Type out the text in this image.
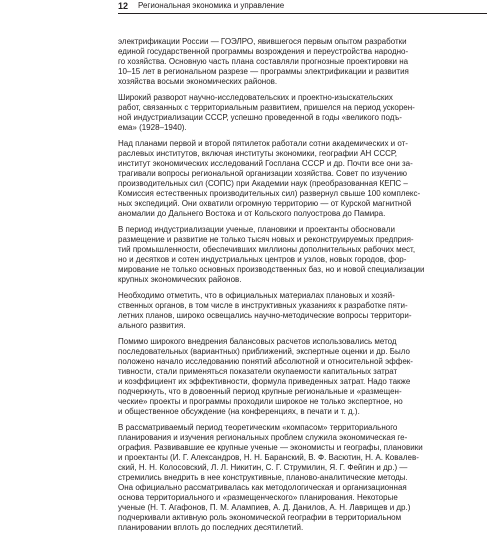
12 Региональная экономика и управление
электрификации России — ГОЭЛРО, явившегося первым опытом разработки
единой государственной программы возрождения и переустройства народно-
го хозяйства. Основную часть плана составляли прогнозные проектировки на
10–15 лет в региональном разрезе — программы электрификации и развития
хозяйства восьми экономических районов.
Широкий разворот научно-исследовательских и проектно-изыскательских
работ, связанных с территориальным развитием, пришелся на период ускорен-
ной индустриализации СССР, успешно проведенной в годы «великого подъ-
ема» (1928–1940).
Над планами первой и второй пятилеток работали сотни академических и от-
раслевых институтов, включая институты экономики, географии АН СССР,
институт экономических исследований Госплана СССР и др. Почти все они за-
трагивали вопросы региональной организации хозяйства. Совет по изучению
производительных сил (СОПС) при Академии наук (преобразованная КЕПС –
Комиссия естественных производительных сил) развернул свыше 100 комплекс-
ных экспедиций. Они охватили огромную территорию — от Курской магнитной
аномалии до Дальнего Востока и от Кольского полуострова до Памира.
В период индустриализации ученые, плановики и проектанты обосновали
размещение и развитие не только тысяч новых и реконструируемых предприя-
тий промышленности, обеспечивших миллионы дополнительных рабочих мест,
но и десятков и сотен индустриальных центров и узлов, новых городов, фор-
мирование не только основных производственных баз, но и новой специализации
крупных экономических районов.
Необходимо отметить, что в официальных материалах плановых и хозяй-
ственных органов, в том числе в инструктивных указаниях к разработке пяти-
летних планов, широко освещались научно-методические вопросы территори-
ального развития.
Помимо широкого внедрения балансовых расчетов использовались метод
последовательных (вариантных) приближений, экспертные оценки и др. Было
положено начало исследованию понятий абсолютной и относительной эффек-
тивности, стали применяться показатели окупаемости капитальных затрат
и коэффициент их эффективности, формула приведенных затрат. Надо также
подчеркнуть, что в довоенный период крупные региональные и «размещен-
ческие» проекты и программы проходили широкое не только экспертное, но
и общественное обсуждение (на конференциях, в печати и т. д.).
В рассматриваемый период теоретическим «компасом» территориального
планирования и изучения региональных проблем служила экономическая ге-
ография. Развивавшие ее крупные ученые — экономисты и географы, плановики
и проектанты (И. Г. Александров, Н. Н. Баранский, В. Ф. Васютин, Н. А. Ковалев-
ский, Н. Н. Колосовский, Л. Л. Никитин, С. Г. Струмилин, Я. Г. Фейгин и др.) —
стремились внедрить в нее конструктивные, планово-аналитические методы.
Она официально рассматривалась как методологическая и организационная
основа территориального и «размещенческого» планирования. Некоторые
ученые (Н. Т. Агафонов, П. М. Алампиев, А. Д. Данилов, А. Н. Лаврищев и др.)
подчеркивали активную роль экономической географии в территориальном
планировании вплоть до последних десятилетий.
